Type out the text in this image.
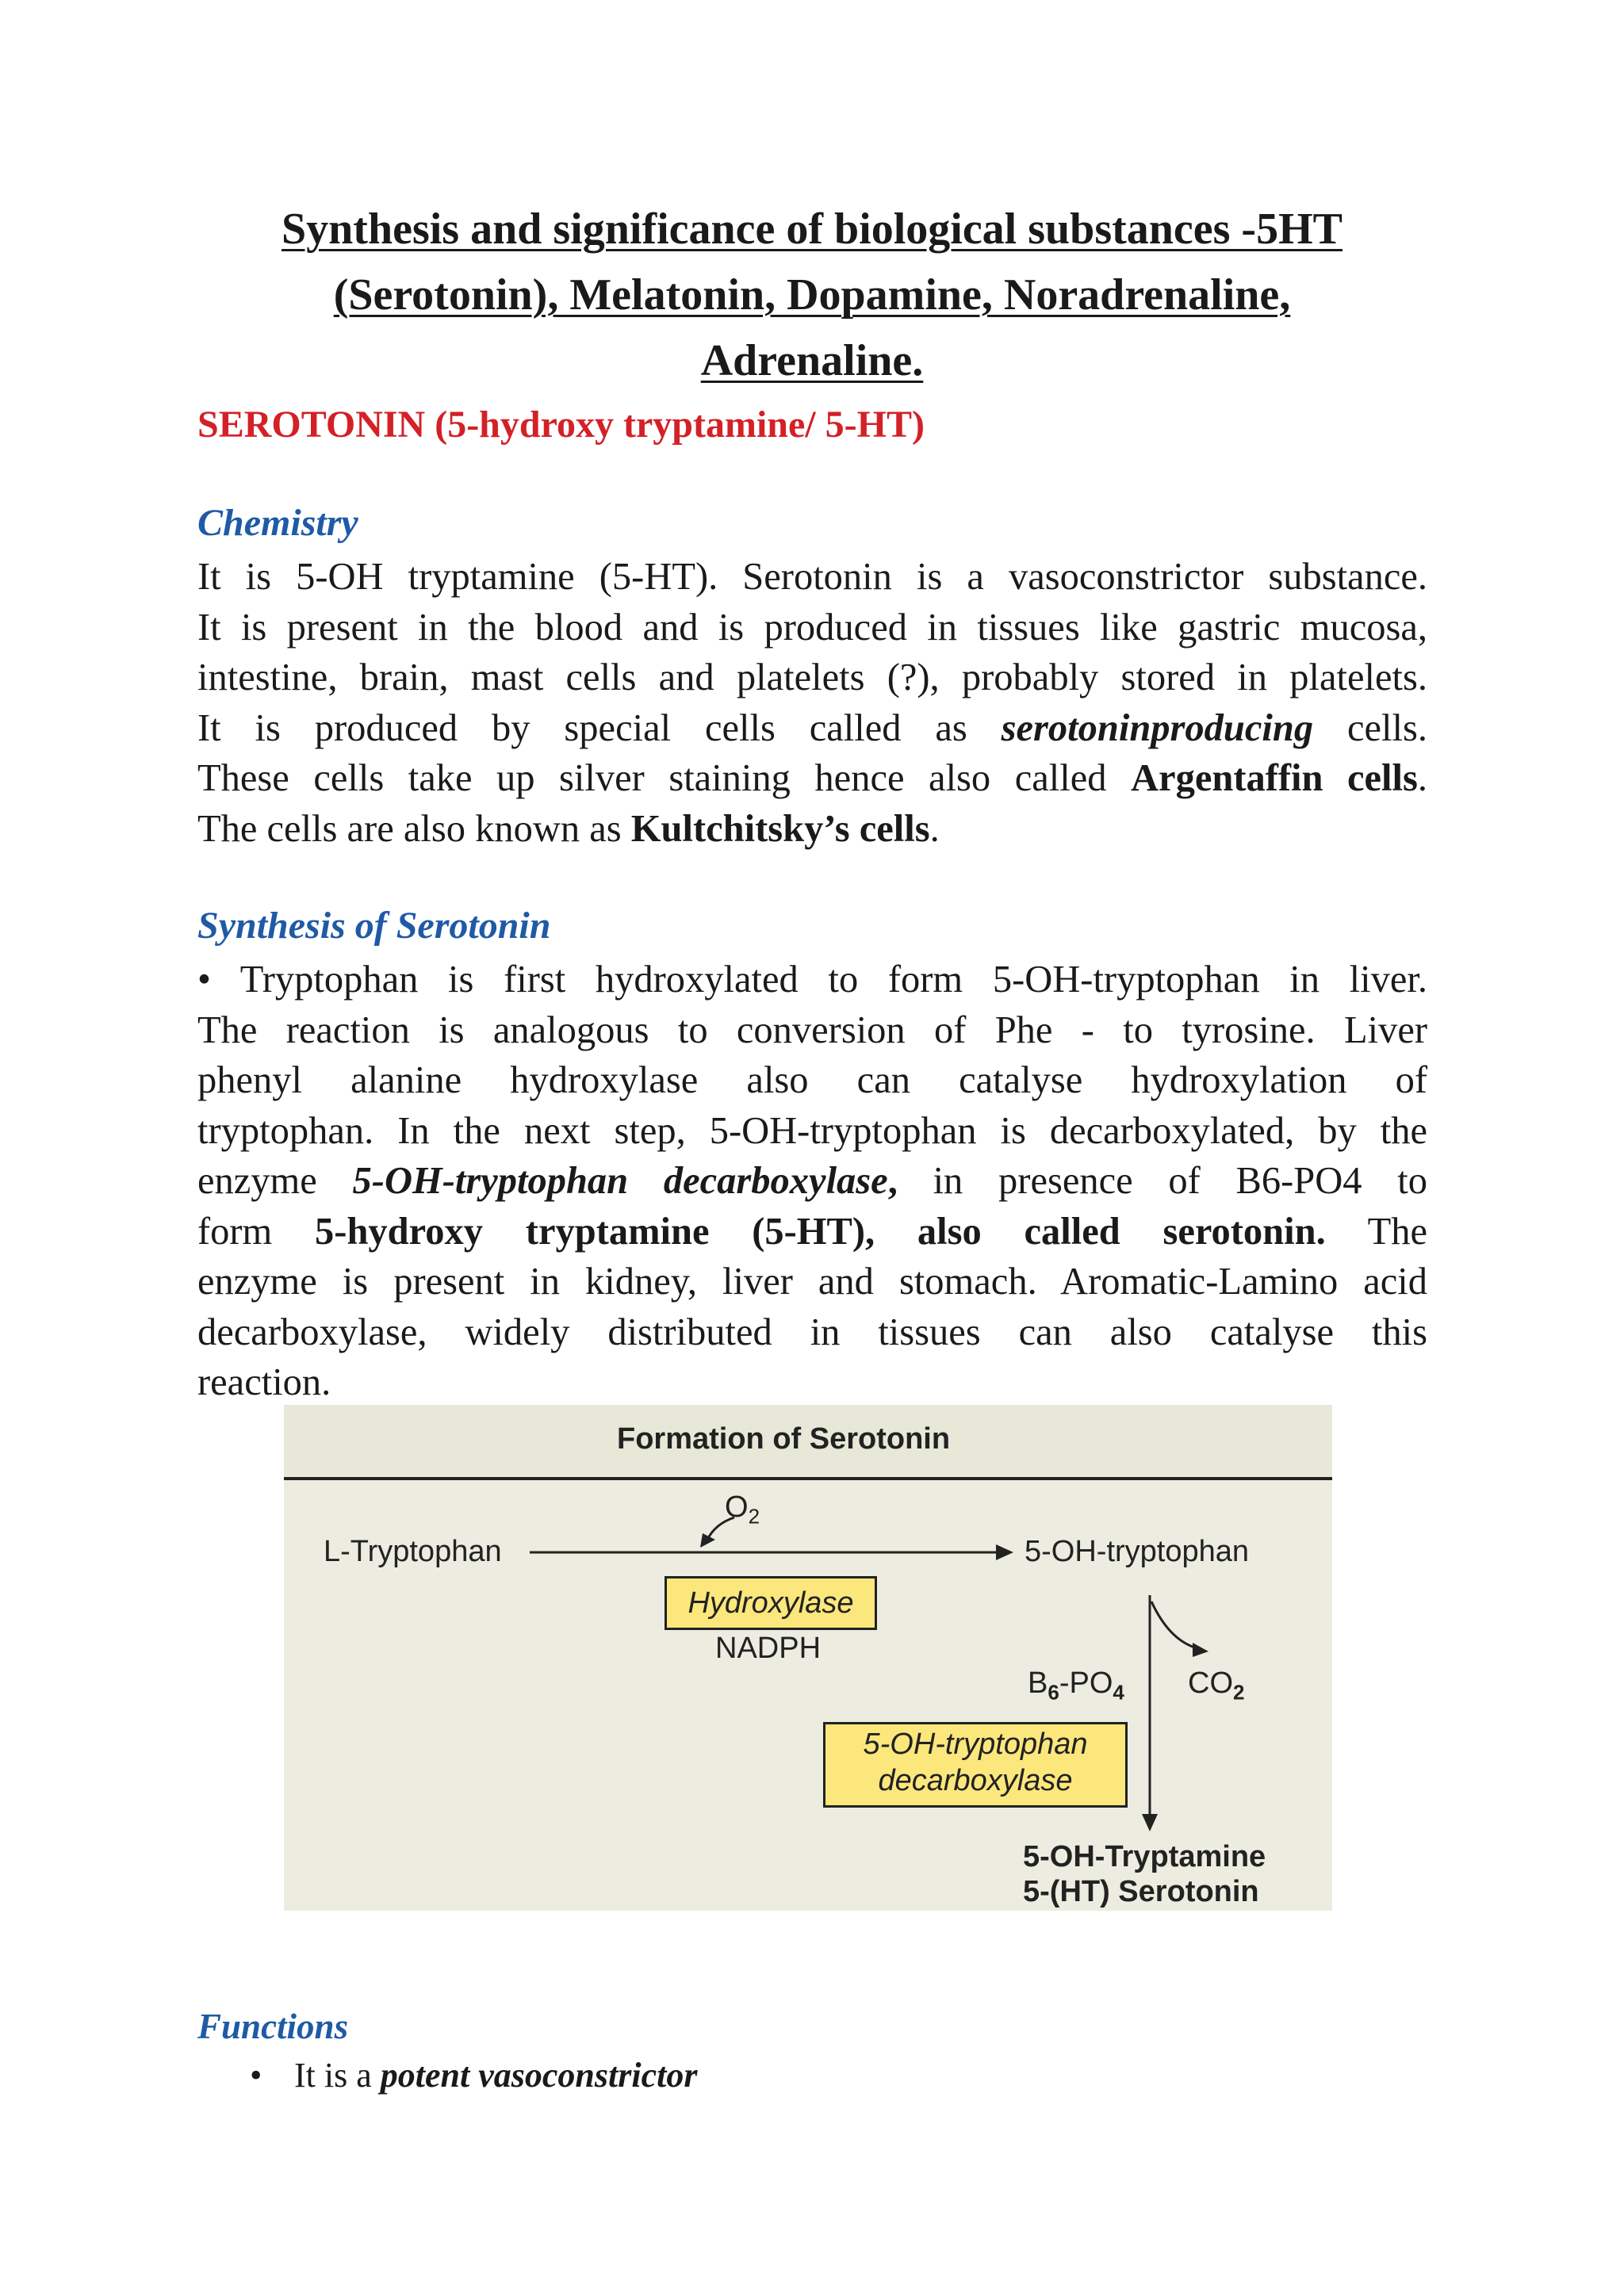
Synthesis and significance of biological substances -5HT
(Serotonin), Melatonin, Dopamine, Noradrenaline,
Adrenaline.
SEROTONIN (5-hydroxy tryptamine/ 5-HT)
Chemistry
It is 5-OH tryptamine (5-HT). Serotonin is a vasoconstrictor substance.
It is present in the blood and is produced in tissues like gastric mucosa,
intestine, brain, mast cells and platelets (?), probably stored in platelets.
It is produced by special cells called as serotoninproducing cells.
These cells take up silver staining hence also called Argentaffin cells.
The cells are also known as Kultchitsky’s cells.
Synthesis of Serotonin
• Tryptophan is first hydroxylated to form 5-OH-tryptophan in liver.
The reaction is analogous to conversion of Phe - to tyrosine. Liver
phenyl alanine hydroxylase also can catalyse hydroxylation of
tryptophan. In the next step, 5-OH-tryptophan is decarboxylated, by the
enzyme 5-OH-tryptophan decarboxylase, in presence of B6-PO4 to
form 5-hydroxy tryptamine (5-HT), also called serotonin. The
enzyme is present in kidney, liver and stomach. Aromatic-Lamino acid
decarboxylase, widely distributed in tissues can also catalyse this
reaction.
Formation of Serotonin
L-Tryptophan
$O_2$
5-OH-tryptophan
Hydroxylase
NADPH
$B_6-PO_4$ $CO_2$
5-OH-tryptophan
decarboxylase
5-OH-Tryptamine
5-(HT) Serotonin
Functions
• It is a potent vasoconstrictor
